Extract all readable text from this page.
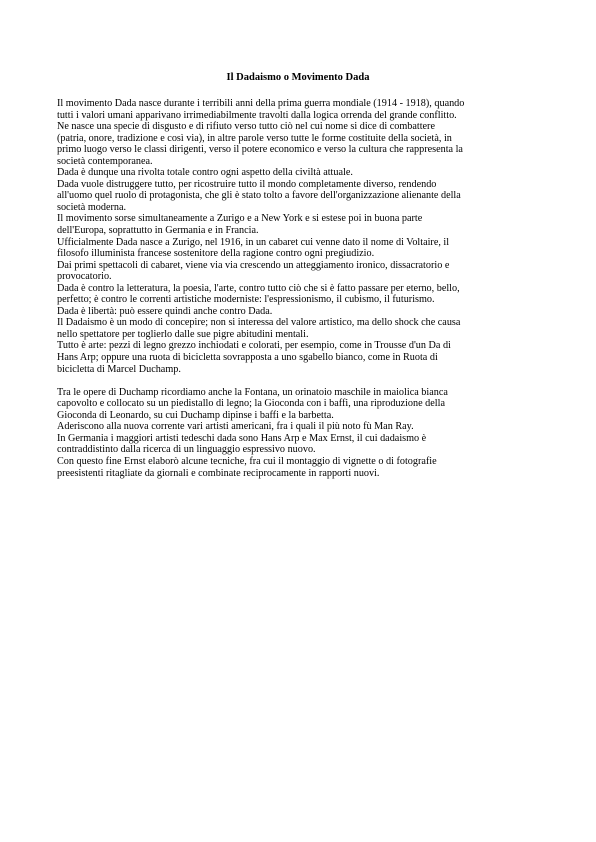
Il Dadaismo o Movimento Dada
Il movimento Dada nasce durante i terribili anni della prima guerra mondiale (1914 - 1918), quando
tutti i valori umani apparivano irrimediabilmente travolti dalla logica orrenda del grande conflitto.
Ne nasce una specie di disgusto e di rifiuto verso tutto ciò nel cui nome si dice di combattere
(patria, onore, tradizione e così via), in altre parole verso tutte le forme costituite della società, in
primo luogo verso le classi dirigenti, verso il potere economico e verso la cultura che rappresenta la
società contemporanea.
Dada è dunque una rivolta totale contro ogni aspetto della civiltà attuale.
Dada vuole distruggere tutto, per ricostruire tutto il mondo completamente diverso, rendendo
all'uomo quel ruolo di protagonista, che gli è stato tolto a favore dell'organizzazione alienante della
società moderna.
Il movimento sorse simultaneamente a Zurigo e a New York e si estese poi in buona parte
dell'Europa, soprattutto in Germania e in Francia.
Ufficialmente Dada nasce a Zurigo, nel 1916, in un cabaret cui venne dato il nome di Voltaire, il
filosofo illuminista francese sostenitore della ragione contro ogni pregiudizio.
Dai primi spettacoli di cabaret, viene via via crescendo un atteggiamento ironico, dissacratorio e
provocatorio.
Dada è contro la letteratura, la poesia, l'arte, contro tutto ciò che si è fatto passare per eterno, bello,
perfetto; è contro le correnti artistiche moderniste: l'espressionismo, il cubismo, il futurismo.
Dada è libertà: può essere quindi anche contro Dada.
Il Dadaismo è un modo di concepire; non si interessa del valore artistico, ma dello shock che causa
nello spettatore per toglierlo dalle sue pigre abitudini mentali.
Tutto è arte: pezzi di legno grezzo inchiodati e colorati, per esempio, come in Trousse d'un Da di
Hans Arp; oppure una ruota di bicicletta sovrapposta a uno sgabello bianco, come in Ruota di
bicicletta di Marcel Duchamp.
Tra le opere di Duchamp ricordiamo anche la Fontana, un orinatoio maschile in maiolica bianca
capovolto e collocato su un piedistallo di legno; la Gioconda con i baffi, una riproduzione della
Gioconda di Leonardo, su cui Duchamp dipinse i baffi e la barbetta.
Aderiscono alla nuova corrente vari artisti americani, fra i quali il più noto fù Man Ray.
In Germania i maggiori artisti tedeschi dada sono Hans Arp e Max Ernst, il cui dadaismo è
contraddistinto dalla ricerca di un linguaggio espressivo nuovo.
Con questo fine Ernst elaborò alcune tecniche, fra cui il montaggio di vignette o di fotografie
preesistenti ritagliate da giornali e combinate reciprocamente in rapporti nuovi.
